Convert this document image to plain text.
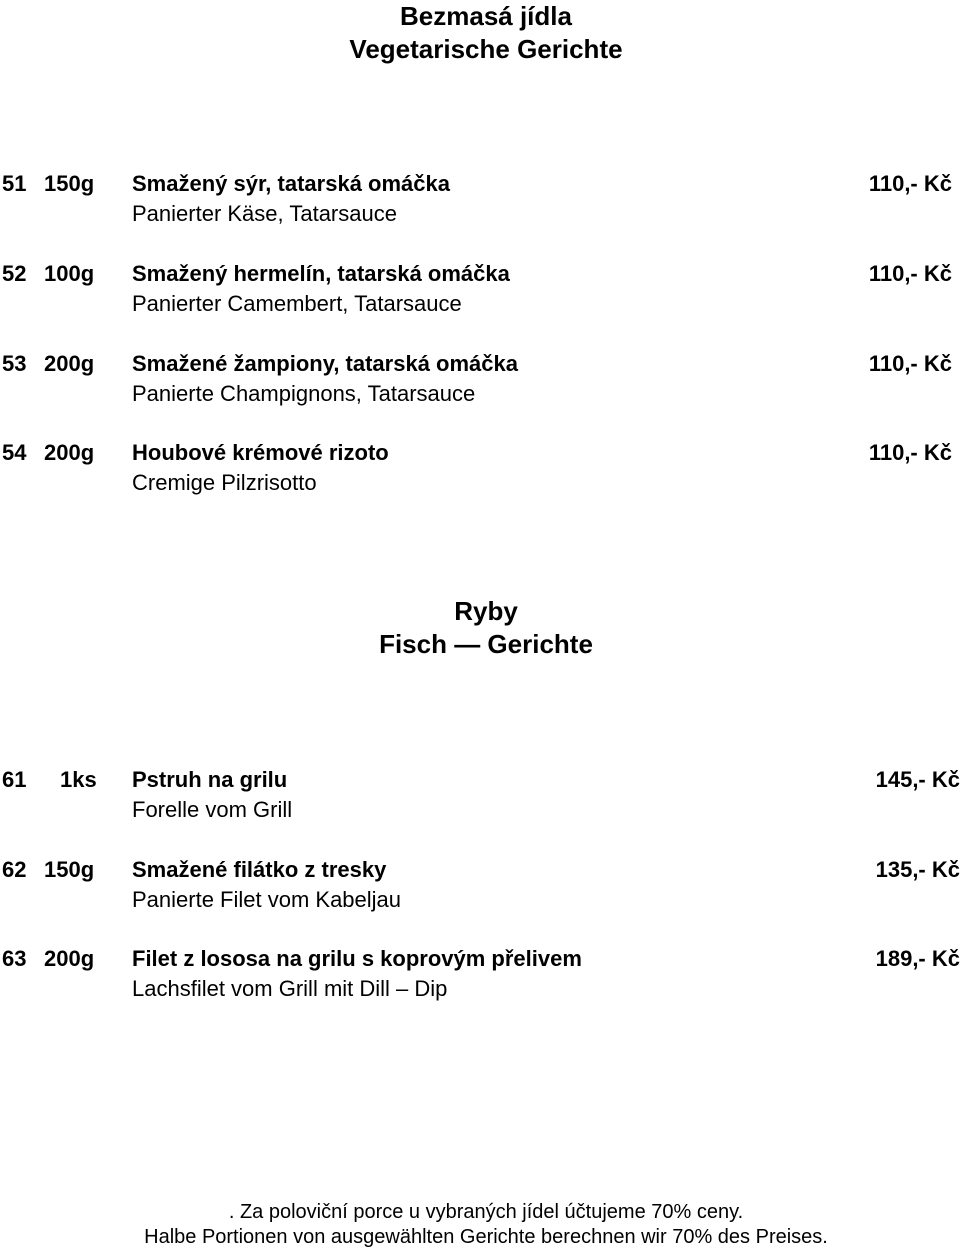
Bezmasá jídla
Vegetarische Gerichte
51 150g Smažený sýr, tatarská omáčka	110,- Kč
Panierter Käse, Tatarsauce
52 100g Smažený hermelín, tatarská omáčka	110,- Kč
Panierter Camembert, Tatarsauce
53 200g Smažené žampiony, tatarská omáčka	110,- Kč
Panierte Champignons, Tatarsauce
54 200g Houbové krémové rizoto	110,- Kč
Cremige Pilzrisotto
Ryby
Fisch — Gerichte
61 1ks Pstruh na grilu	145,- Kč
Forelle vom Grill
62 150g Smažené filátko z tresky	135,- Kč
Panierte Filet vom Kabeljau
63 200g Filet z lososa na grilu s koprovým přelivem	189,- Kč
Lachsfilet vom Grill mit Dill – Dip
. Za poloviční porce u vybraných jídel účtujeme 70% ceny.
Halbe Portionen von ausgewählten Gerichte berechnen wir 70% des Preises.
